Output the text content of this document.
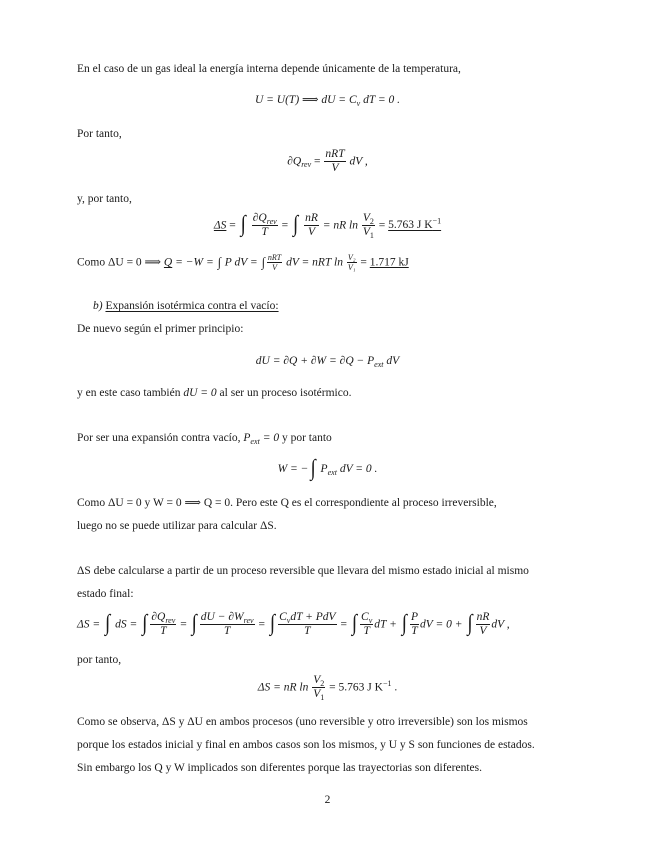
En el caso de un gas ideal la energía interna depende únicamente de la temperatura,
U = U(T) ⟹ dU = $C_v$ dT = 0 .
Por tanto,
$\partial Q_{rev} = \frac{\text{nRT}}{V}$ dV ,
y, por tanto,
ΔS = ∫ $\frac{\partial Q_{rev}}{T}$ = ∫ $\frac{nR}{V}$ = nR $\ln \frac{V_2}{V_1} = 5.763$ J $K^{-1}$
Como ΔU = 0 ⟹ Q = −W = ∫ P dV = ∫ $\frac{\text{nRT}}{V}$ dV = nRT $\ln \frac{\text{V₂}}{\text{V₁}} = 1.717$ kJ
b) Expansión isotérmica contra el vacío:
De nuevo según el primer principio:
dU = $\partial Q + \partial W = \partial Q - P_{ext}$ dV
y en este caso también dU = 0 al ser un proceso isotérmico.
Por ser una expansión contra vacío, $P_{ext} = 0$ y por tanto
W = − ∫ $P_{ext}$ dV = 0 .
Como ΔU = 0 y W = 0 ⟹ Q = 0. Pero este Q es el correspondiente al proceso irreversible,
luego no se puede utilizar para calcular ΔS.
ΔS debe calcularse a partir de un proceso reversible que llevara del mismo estado inicial al mismo
estado final:
ΔS = ∫ dS = ∫ $\frac{\partial Q_{rev}}{T}$ = ∫ $\frac{dU - \partial W_{rev}}{T}$ = ∫ $\frac{C_vdT + PdV}{T}$ = ∫ $\frac{C_v}{T}$ dT + ∫ $\frac{P}{T}$ dV = 0 + ∫ $\frac{nR}{V}$ dV ,
por tanto,
ΔS = nR $\ln \frac{V_2}{V_1} = 5.763$ J $K^{-1}$ .
Como se observa, ΔS y ΔU en ambos procesos (uno reversible y otro irreversible) son los mismos
porque los estados inicial y final en ambos casos son los mismos, y U y S son funciones de estados.
Sin embargo los Q y W implicados son diferentes porque las trayectorias son diferentes.
2
